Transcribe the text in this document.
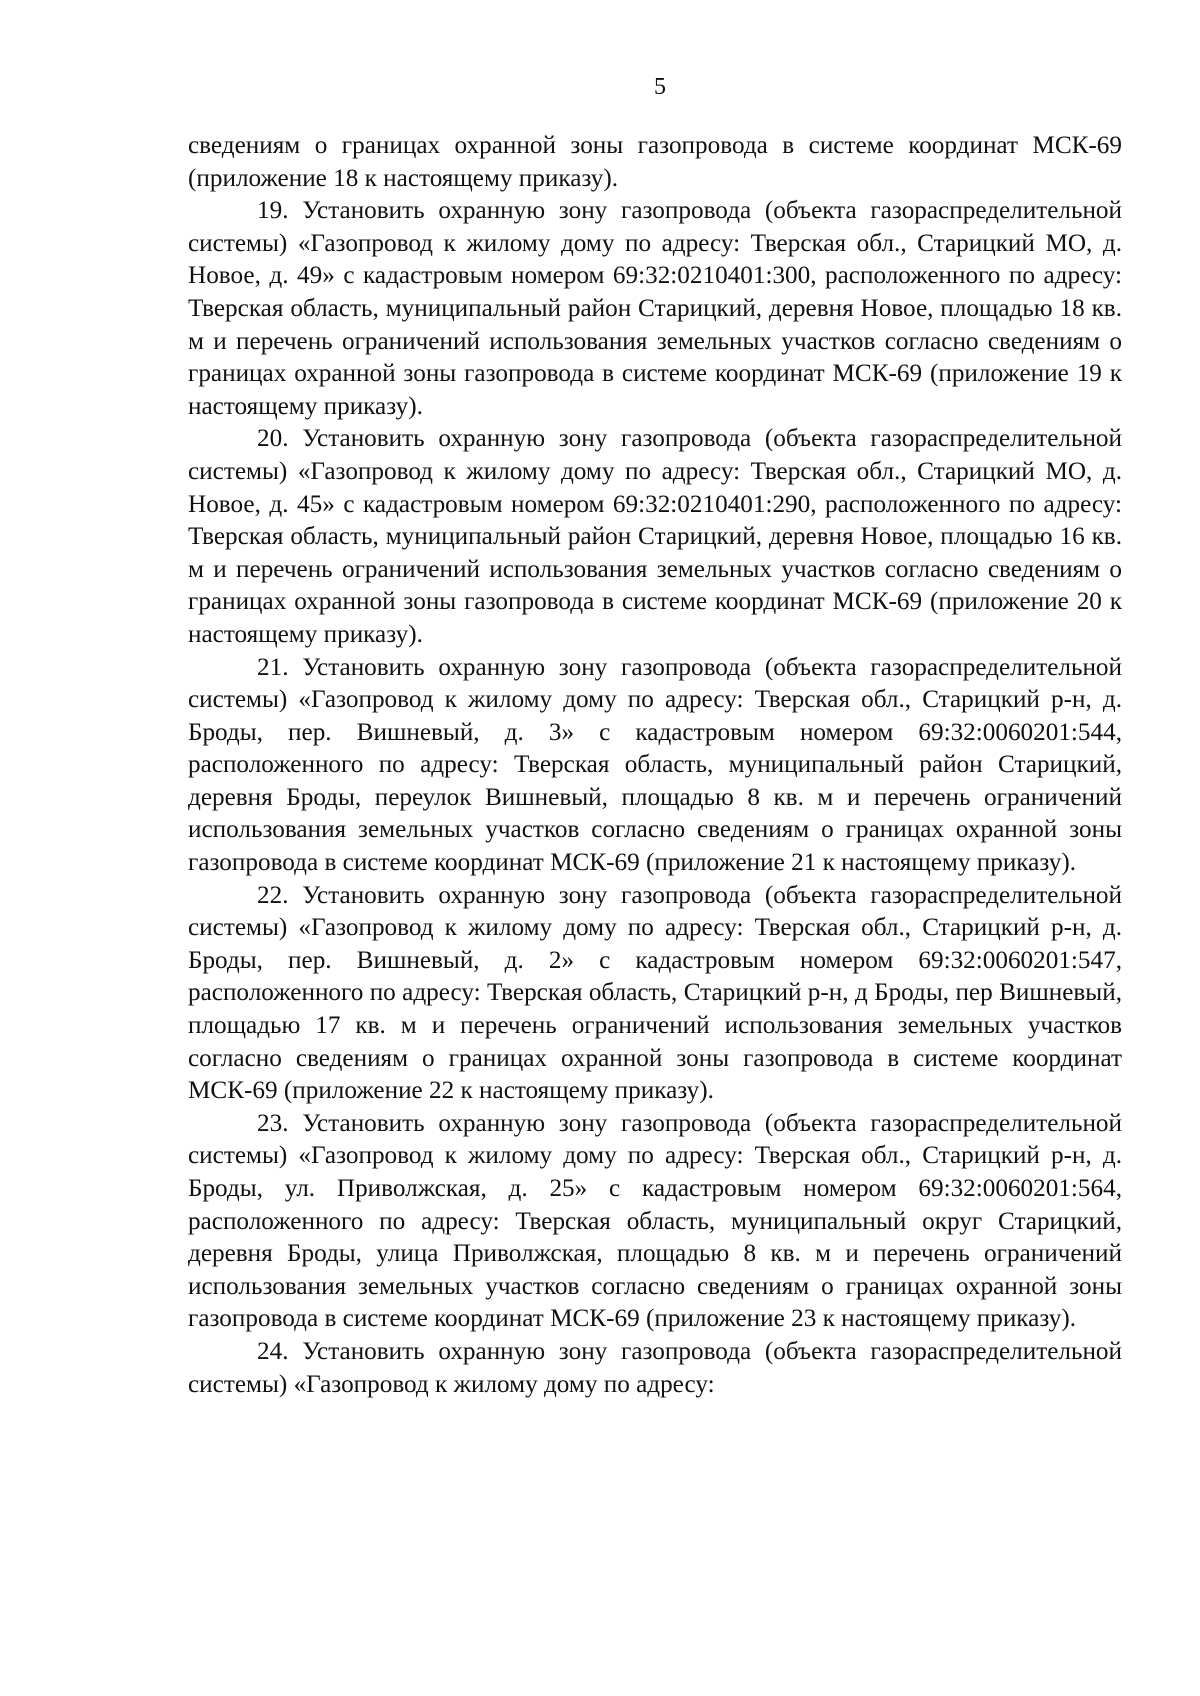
5

сведениям о границах охранной зоны газопровода в системе координат МСК-69 (приложение 18 к настоящему приказу).

19. Установить охранную зону газопровода (объекта газораспределительной системы) «Газопровод к жилому дому по адресу: Тверская обл., Старицкий МО, д. Новое, д. 49» с кадастровым номером 69:32:0210401:300, расположенного по адресу: Тверская область, муниципальный район Старицкий, деревня Новое, площадью 18 кв. м и перечень ограничений использования земельных участков согласно сведениям о границах охранной зоны газопровода в системе координат МСК-69 (приложение 19 к настоящему приказу).

20. Установить охранную зону газопровода (объекта газораспределительной системы) «Газопровод к жилому дому по адресу: Тверская обл., Старицкий МО, д. Новое, д. 45» с кадастровым номером 69:32:0210401:290, расположенного по адресу: Тверская область, муниципальный район Старицкий, деревня Новое, площадью 16 кв. м и перечень ограничений использования земельных участков согласно сведениям о границах охранной зоны газопровода в системе координат МСК-69 (приложение 20 к настоящему приказу).

21. Установить охранную зону газопровода (объекта газораспределительной системы) «Газопровод к жилому дому по адресу: Тверская обл., Старицкий р-н, д. Броды, пер. Вишневый, д. 3» с кадастровым номером 69:32:0060201:544, расположенного по адресу: Тверская область, муниципальный район Старицкий, деревня Броды, переулок Вишневый, площадью 8 кв. м и перечень ограничений использования земельных участков согласно сведениям о границах охранной зоны газопровода в системе координат МСК-69 (приложение 21 к настоящему приказу).

22. Установить охранную зону газопровода (объекта газораспределительной системы) «Газопровод к жилому дому по адресу: Тверская обл., Старицкий р-н, д. Броды, пер. Вишневый, д. 2» с кадастровым номером 69:32:0060201:547, расположенного по адресу: Тверская область, Старицкий р-н, д Броды, пер Вишневый, площадью 17 кв. м и перечень ограничений использования земельных участков согласно сведениям о границах охранной зоны газопровода в системе координат МСК-69 (приложение 22 к настоящему приказу).

23. Установить охранную зону газопровода (объекта газораспределительной системы) «Газопровод к жилому дому по адресу: Тверская обл., Старицкий р-н, д. Броды, ул. Приволжская, д. 25» с кадастровым номером 69:32:0060201:564, расположенного по адресу: Тверская область, муниципальный округ Старицкий, деревня Броды, улица Приволжская, площадью 8 кв. м и перечень ограничений использования земельных участков согласно сведениям о границах охранной зоны газопровода в системе координат МСК-69 (приложение 23 к настоящему приказу).

24. Установить охранную зону газопровода (объекта газораспределительной системы) «Газопровод к жилому дому по адресу:
